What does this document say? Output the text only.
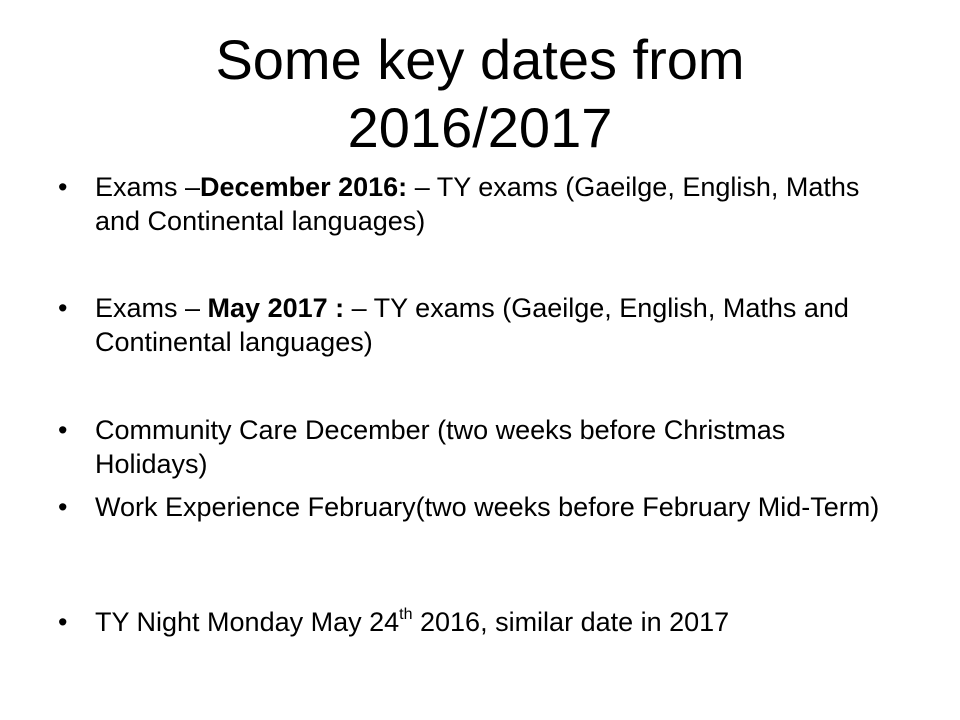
Some key dates from
2016/2017
•	Exams –December 2016: – TY exams (Gaeilge, English, Maths and Continental languages)
•	Exams – May 2017 : – TY exams (Gaeilge, English, Maths and Continental languages)
•	Community Care December (two weeks before Christmas Holidays)
•	Work Experience February(two weeks before February Mid-Term)
•	TY Night Monday May 24th 2016, similar date in 2017
